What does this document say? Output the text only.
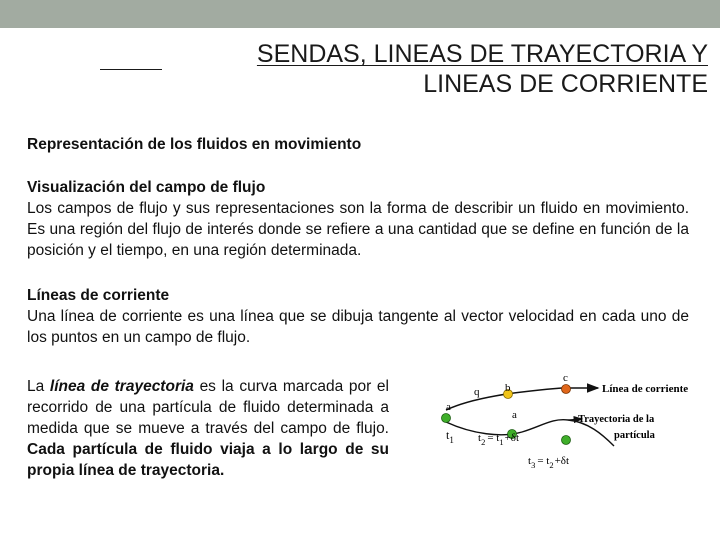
SENDAS, LINEAS DE TRAYECTORIA Y
LINEAS DE CORRIENTE
Representación de los fluidos en movimiento
Visualización del campo de flujo
Los campos de flujo y sus representaciones son la forma de describir un fluido en movimiento. Es una región del flujo de interés donde se refiere a una cantidad que se define en función de la posición y el tiempo, en una región determinada.
Líneas de corriente
Una línea de corriente es una línea que se dibuja tangente al vector velocidad en cada uno de los puntos en un campo de flujo.
La línea de trayectoria es la curva marcada por el recorrido de una partícula de fluido determinada a medida que se mueve a través del campo de flujo. Cada partícula de fluido viaja a lo largo de su propia línea de trayectoria.
q b
c
a
a
Línea de corriente
Trayectoria de la
partícula
$t_1$ $t_2 = t_1+\delta t$
$t_3 = t_2+\delta t$
